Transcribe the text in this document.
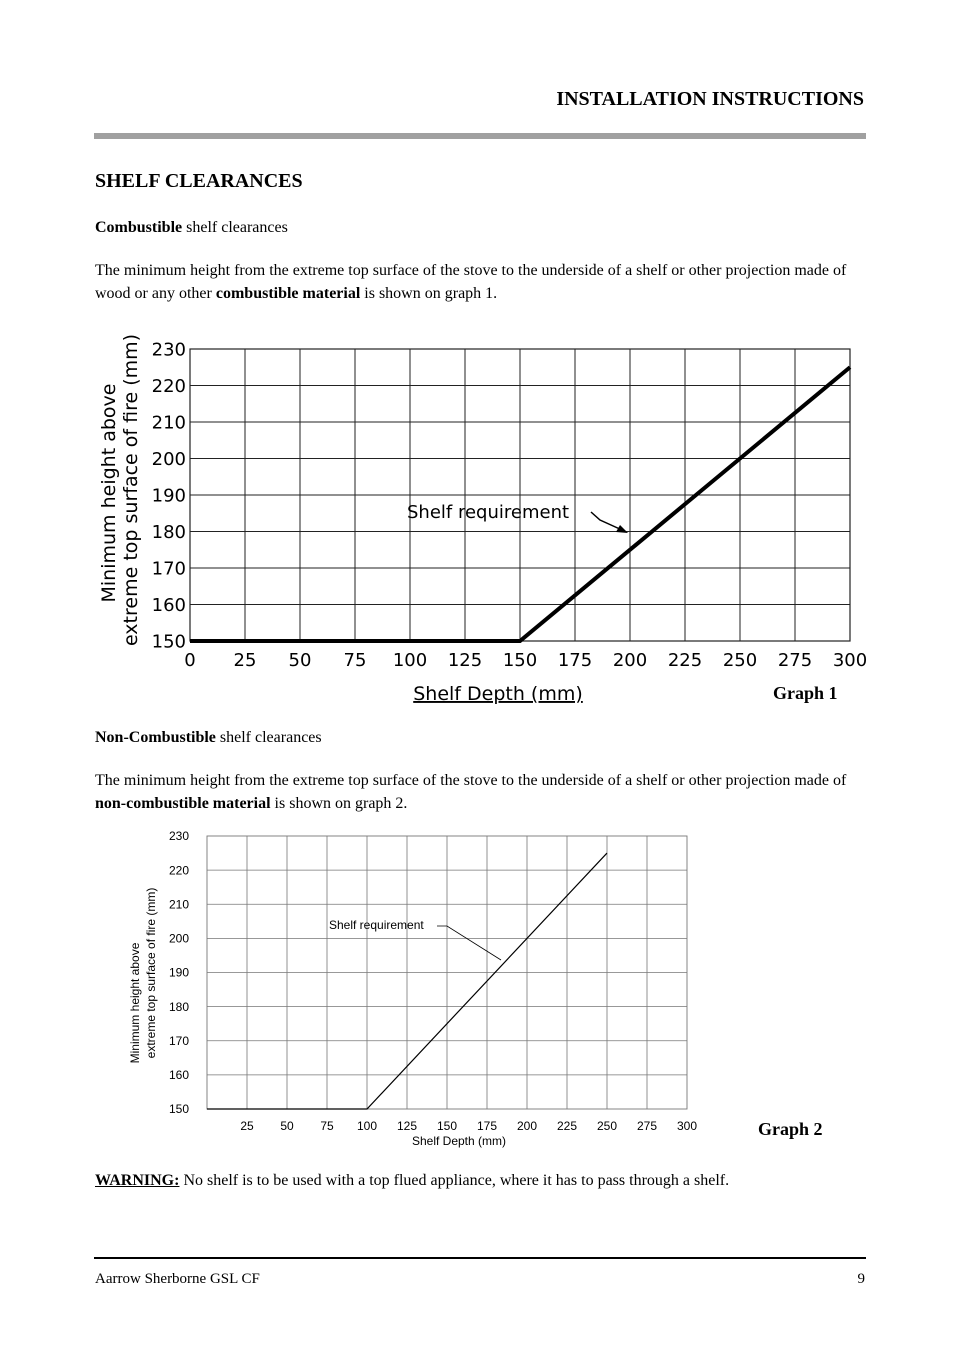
INSTALLATION INSTRUCTIONS
SHELF CLEARANCES
Combustible shelf clearances
The minimum height from the extreme top surface of the stove to the underside of a shelf or other projection made of wood or any other combustible material is shown on graph 1.
0 25 50 75 100 125 150 175 200 225 250 275 300
150
160
170
180
190
200
210
220
230
Shelf requirement
Minimum height above extreme top surface of fire (mm)
Shelf Depth (mm)	Graph 1
Non-Combustible shelf clearances
The minimum height from the extreme top surface of the stove to the underside of a shelf or other projection made of non-combustible material is shown on graph 2.
25 50 75 100 125 150 175 200 225 250 275 300
150
160
170
180
190
200
210
220
230
Shelf requirement
Minimum height above extreme top surface of fire (mm)
Shelf Depth (mm)
Graph 2
WARNING: No shelf is to be used with a top flued appliance, where it has to pass through a shelf.
Aarrow Sherborne GSL CF	9
